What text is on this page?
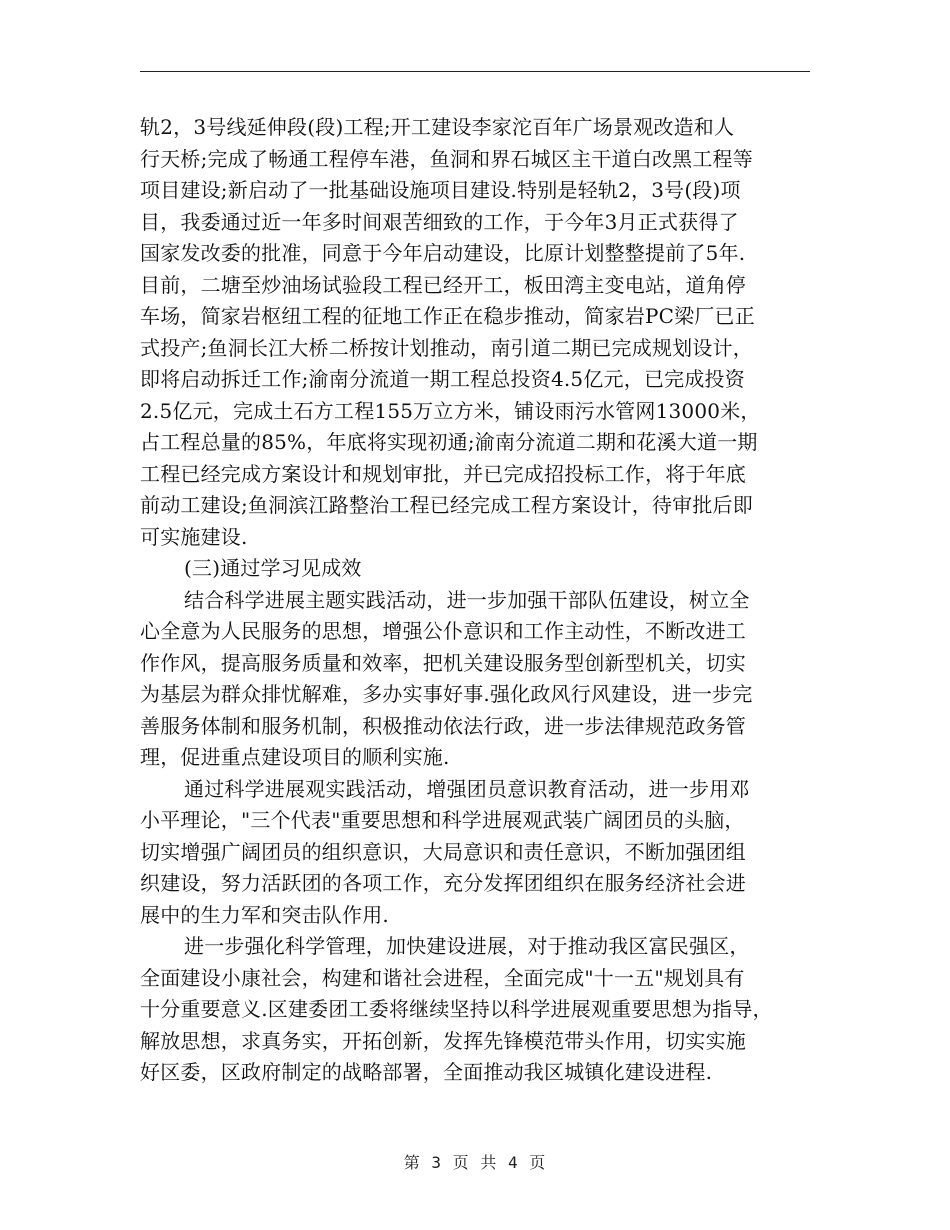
轨2，3号线延伸段(段)工程;开工建设李家沱百年广场景观改造和人
行天桥;完成了畅通工程停车港，鱼洞和界石城区主干道白改黑工程等
项目建设;新启动了一批基础设施项目建设.特别是轻轨2，3号(段)项
目，我委通过近一年多时间艰苦细致的工作，于今年3月正式获得了
国家发改委的批准，同意于今年启动建设，比原计划整整提前了5年.
目前，二塘至炒油场试验段工程已经开工，板田湾主变电站，道角停
车场，简家岩枢纽工程的征地工作正在稳步推动，简家岩PC梁厂已正
式投产;鱼洞长江大桥二桥按计划推动，南引道二期已完成规划设计，
即将启动拆迁工作;渝南分流道一期工程总投资4.5亿元，已完成投资
2.5亿元，完成土石方工程155万立方米，铺设雨污水管网13000米，
占工程总量的85%，年底将实现初通;渝南分流道二期和花溪大道一期
工程已经完成方案设计和规划审批，并已完成招投标工作，将于年底
前动工建设;鱼洞滨江路整治工程已经完成工程方案设计，待审批后即
可实施建设.
(三)通过学习见成效
结合科学进展主题实践活动，进一步加强干部队伍建设，树立全
心全意为人民服务的思想，增强公仆意识和工作主动性，不断改进工
作作风，提高服务质量和效率，把机关建设服务型创新型机关，切实
为基层为群众排忧解难，多办实事好事.强化政风行风建设，进一步完
善服务体制和服务机制，积极推动依法行政，进一步法律规范政务管
理，促进重点建设项目的顺利实施.
通过科学进展观实践活动，增强团员意识教育活动，进一步用邓
小平理论，"三个代表"重要思想和科学进展观武装广阔团员的头脑，
切实增强广阔团员的组织意识，大局意识和责任意识，不断加强团组
织建设，努力活跃团的各项工作，充分发挥团组织在服务经济社会进
展中的生力军和突击队作用.
进一步强化科学管理，加快建设进展，对于推动我区富民强区，
全面建设小康社会，构建和谐社会进程，全面完成"十一五"规划具有
十分重要意义.区建委团工委将继续坚持以科学进展观重要思想为指导，
解放思想，求真务实，开拓创新，发挥先锋模范带头作用，切实实施
好区委，区政府制定的战略部署，全面推动我区城镇化建设进程.
第 3 页 共 4 页
